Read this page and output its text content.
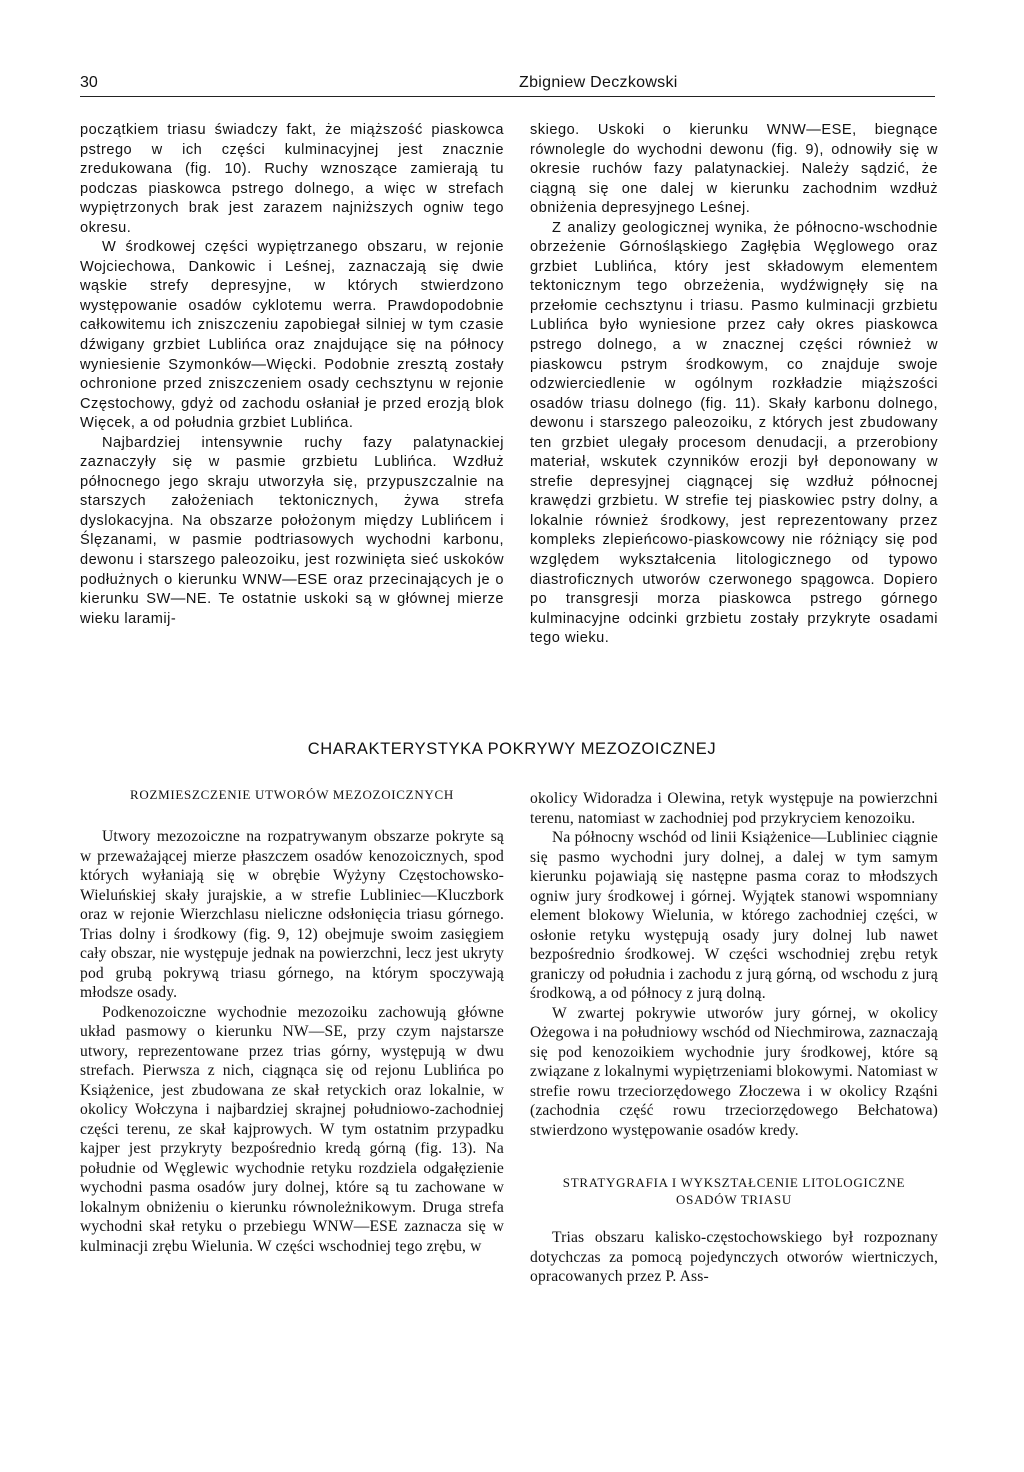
30	Zbigniew Deczkowski

początkiem triasu świadczy fakt, że miąższość piaskowca pstrego w ich części kulminacyjnej jest znacznie zredukowana (fig. 10). Ruchy wznoszące zamierają tu podczas piaskowca pstrego dolnego, a więc w strefach wypiętrzonych brak jest zarazem najniższych ogniw tego okresu.

W środkowej części wypiętrzanego obszaru, w rejonie Wojciechowa, Dankowic i Leśnej, zaznaczają się dwie wąskie strefy depresyjne, w których stwierdzono występowanie osadów cyklotemu werra. Prawdopodobnie całkowitemu ich zniszczeniu zapobiegał silniej w tym czasie dźwigany grzbiet Lublińca oraz znajdujące się na północy wyniesienie Szymonków—Więcki. Podobnie zresztą zostały ochronione przed zniszczeniem osady cechsztynu w rejonie Częstochowy, gdyż od zachodu osłaniał je przed erozją blok Więcek, a od południa grzbiet Lublińca.

Najbardziej intensywnie ruchy fazy palatynackiej zaznaczyły się w pasmie grzbietu Lublińca. Wzdłuż północnego jego skraju utworzyła się, przypuszczalnie na starszych założeniach tektonicznych, żywa strefa dyslokacyjna. Na obszarze położonym między Lublińcem i Ślęzanami, w pasmie podtriasowych wychodni karbonu, dewonu i starszego paleozoiku, jest rozwinięta sieć uskoków podłużnych o kierunku WNW—ESE oraz przecinających je o kierunku SW—NE. Te ostatnie uskoki są w głównej mierze wieku laramij-

skiego. Uskoki o kierunku WNW—ESE, biegnące równolegle do wychodni dewonu (fig. 9), odnowiły się w okresie ruchów fazy palatynackiej. Należy sądzić, że ciągną się one dalej w kierunku zachodnim wzdłuż obniżenia depresyjnego Leśnej.

Z analizy geologicznej wynika, że północno-wschodnie obrzeżenie Górnośląskiego Zagłębia Węglowego oraz grzbiet Lublińca, który jest składowym elementem tektonicznym tego obrzeżenia, wydźwignęły się na przełomie cechsztynu i triasu. Pasmo kulminacji grzbietu Lublińca było wyniesione przez cały okres piaskowca pstrego dolnego, a w znacznej części również w piaskowcu pstrym środkowym, co znajduje swoje odzwierciedlenie w ogólnym rozkładzie miąższości osadów triasu dolnego (fig. 11). Skały karbonu dolnego, dewonu i starszego paleozoiku, z których jest zbudowany ten grzbiet ulegały procesom denudacji, a przerobiony materiał, wskutek czynników erozji był deponowany w strefie depresyjnej ciągnącej się wzdłuż północnej krawędzi grzbietu. W strefie tej piaskowiec pstry dolny, a lokalnie również środkowy, jest reprezentowany przez kompleks zlepieńcowo-piaskowcowy nie różniący się pod względem wykształcenia litologicznego od typowo diastroficznych utworów czerwonego spągowca. Dopiero po transgresji morza piaskowca pstrego górnego kulminacyjne odcinki grzbietu zostały przykryte osadami tego wieku.

CHARAKTERYSTYKA POKRYWY MEZOZOICZNEJ
ROZMIESZCZENIE UTWORÓW MEZOZOICZNYCH

Utwory mezozoiczne na rozpatrywanym obszarze pokryte są w przeważającej mierze płaszczem osadów kenozoicznych, spod których wyłaniają się w obrębie Wyżyny Częstochowsko-Wieluńskiej skały jurajskie, a w strefie Lubliniec—Kluczbork oraz w rejonie Wierzchlasu nieliczne odsłonięcia triasu górnego. Trias dolny i środkowy (fig. 9, 12) obejmuje swoim zasięgiem cały obszar, nie występuje jednak na powierzchni, lecz jest ukryty pod grubą pokrywą triasu górnego, na którym spoczywają młodsze osady.

Podkenozoiczne wychodnie mezozoiku zachowują główne układ pasmowy o kierunku NW—SE, przy czym najstarsze utwory, reprezentowane przez trias górny, występują w dwu strefach. Pierwsza z nich, ciągnąca się od rejonu Lublińca po Książenice, jest zbudowana ze skał retyckich oraz lokalnie, w okolicy Wołczyna i najbardziej skrajnej południowo-zachodniej części terenu, ze skał kajprowych. W tym ostatnim przypadku kajper jest przykryty bezpośrednio kredą górną (fig. 13). Na południe od Węglewic wychodnie retyku rozdziela odgałęzienie wychodni pasma osadów jury dolnej, które są tu zachowane w lokalnym obniżeniu o kierunku równoleżnikowym. Druga strefa wychodni skał retyku o przebiegu WNW—ESE zaznacza się w kulminacji zrębu Wielunia. W części wschodniej tego zrębu, w

okolicy Widoradza i Olewina, retyk występuje na powierzchni terenu, natomiast w zachodniej pod przykryciem kenozoiku.

Na północny wschód od linii Książenice—Lubliniec ciągnie się pasmo wychodni jury dolnej, a dalej w tym samym kierunku pojawiają się następne pasma coraz to młodszych ogniw jury środkowej i górnej. Wyjątek stanowi wspomniany element blokowy Wielunia, w którego zachodniej części, w osłonie retyku występują osady jury dolnej lub nawet bezpośrednio środkowej. W części wschodniej zrębu retyk graniczy od południa i zachodu z jurą górną, od wschodu z jurą środkową, a od północy z jurą dolną.

W zwartej pokrywie utworów jury górnej, w okolicy Ożegowa i na południowy wschód od Niechmirowa, zaznaczają się pod kenozoikiem wychodnie jury środkowej, które są związane z lokalnymi wypiętrzeniami blokowymi. Natomiast w strefie rowu trzeciorzędowego Złoczewa i w okolicy Rząśni (zachodnia część rowu trzeciorzędowego Bełchatowa) stwierdzono występowanie osadów kredy.

STRATYGRAFIA I WYKSZTAŁCENIE LITOLOGICZNE
OSADÓW TRIASU

Trias obszaru kalisko-częstochowskiego był rozpoznany dotychczas za pomocą pojedynczych otworów wiertniczych, opracowanych przez P. Ass-
